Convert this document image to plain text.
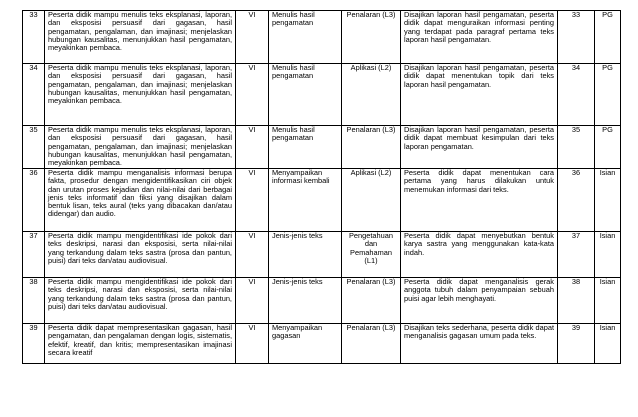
33	Peserta didik mampu menulis teks eksplanasi, laporan, dan eksposisi persuasif dari gagasan, hasil pengamatan, pengalaman, dan imajinasi; menjelaskan hubungan kausalitas, menunjukkan hasil pengamatan, meyakinkan pembaca.	VI	Menulis hasil pengamatan	Penalaran (L3)	Disajikan laporan hasil pengamatan, peserta didik dapat menguraikan informasi penting yang terdapat pada paragraf pertama teks laporan hasil pengamatan.	33	PG
34	Peserta didik mampu menulis teks eksplanasi, laporan, dan eksposisi persuasif dari gagasan, hasil pengamatan, pengalaman, dan imajinasi; menjelaskan hubungan kausalitas, menunjukkan hasil pengamatan, meyakinkan pembaca.	VI	Menulis hasil pengamatan	Aplikasi (L2)	Disajikan laporan hasil pengamatan, peserta didik dapat menentukan topik dari teks laporan hasil pengamatan.	34	PG
35	Peserta didik mampu menulis teks eksplanasi, laporan, dan eksposisi persuasif dari gagasan, hasil pengamatan, pengalaman, dan imajinasi; menjelaskan hubungan kausalitas, menunjukkan hasil pengamatan, meyakinkan pembaca.	VI	Menulis hasil pengamatan	Penalaran (L3)	Disajikan laporan hasil pengamatan, peserta didik dapat membuat kesimpulan dari teks laporan pengamatan.	35	PG
36	Peserta didik mampu menganalisis informasi berupa fakta, prosedur dengan mengidentifikasikan ciri objek dan urutan proses kejadian dan nilai-nilai dari berbagai jenis teks informatif dan fiksi yang disajikan dalam bentuk lisan, teks aural (teks yang dibacakan dan/atau didengar) dan audio.	VI	Menyampaikan informasi kembali	Aplikasi (L2)	Peserta didik dapat menentukan cara pertama yang harus dilakukan untuk menemukan informasi dari teks.	36	Isian
37	Peserta didik mampu mengidentifikasi ide pokok dari teks deskripsi, narasi dan eksposisi, serta nilai-nilai yang terkandung dalam teks sastra (prosa dan pantun, puisi) dari teks dan/atau audiovisual.	VI	Jenis-jenis teks	Pengetahuan dan Pemahaman (L1)	Peserta didik dapat menyebutkan bentuk karya sastra yang menggunakan kata-kata indah.	37	Isian
38	Peserta didik mampu mengidentifikasi ide pokok dari teks deskripsi, narasi dan eksposisi, serta nilai-nilai yang terkandung dalam teks sastra (prosa dan pantun, puisi) dari teks dan/atau audiovisual.	VI	Jenis-jenis teks	Penalaran (L3)	Peserta didik dapat menganalisis gerak anggota tubuh dalam penyampaian sebuah puisi agar lebih menghayati.	38	Isian
39	Peserta didik dapat mempresentasikan gagasan, hasil pengamatan, dan pengalaman dengan logis, sistematis, efektif, kreatif, dan kritis; mempresentasikan imajinasi secara kreatif	VI	Menyampaikan gagasan	Penalaran (L3)	Disajikan teks sederhana, peserta didik dapat menganalisis gagasan umum pada teks.	39	Isian
